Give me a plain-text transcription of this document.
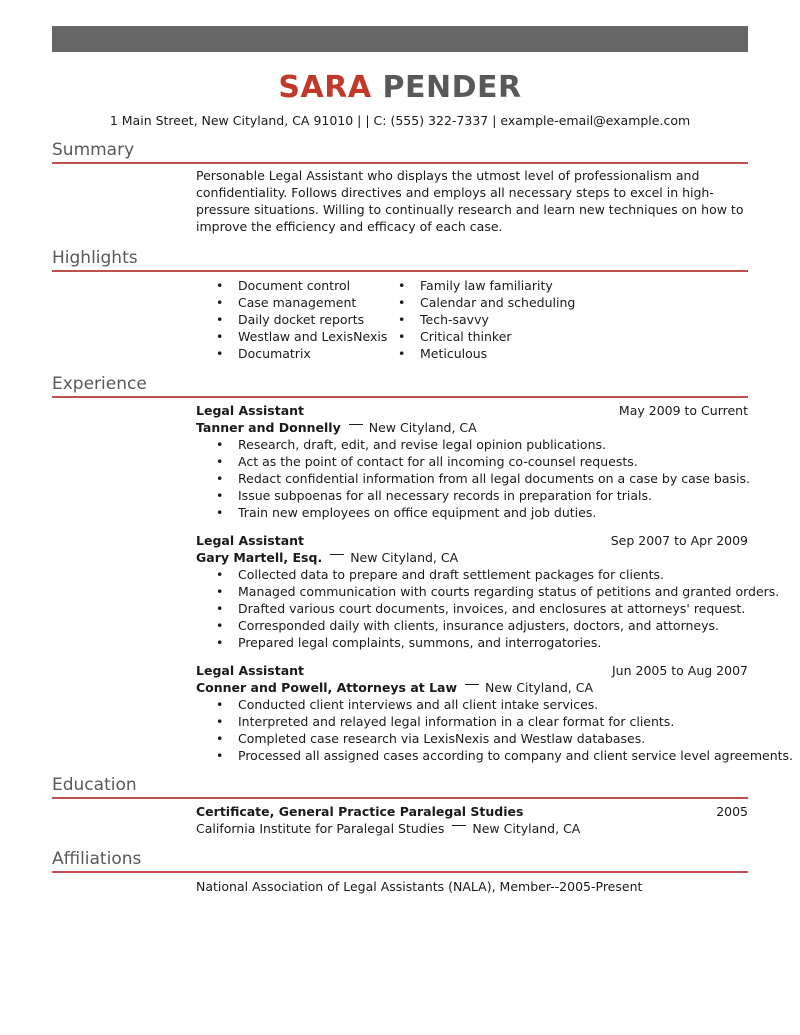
SARA PENDER
1 Main Street, New Cityland, CA 91010 | | C: (555) 322-7337 | example-email@example.com
Summary

Personable Legal Assistant who displays the utmost level of professionalism and confidentiality. Follows directives and employs all necessary steps to excel in high-pressure situations. Willing to continually research and learn new techniques on how to improve the efficiency and efficacy of each case.

Highlights
• Document control
• Case management
• Daily docket reports
• Westlaw and LexisNexis
• Documatrix
• Family law familiarity
• Calendar and scheduling
• Tech-savvy
• Critical thinker
• Meticulous
Experience
Legal Assistant	May 2009 to Current
Tanner and Donnelly New Cityland, CA
• Research, draft, edit, and revise legal opinion publications.
• Act as the point of contact for all incoming co-counsel requests.
• Redact confidential information from all legal documents on a case by case basis.
• Issue subpoenas for all necessary records in preparation for trials.
• Train new employees on office equipment and job duties.
Legal Assistant	Sep 2007 to Apr 2009
Gary Martell, Esq. New Cityland, CA
• Collected data to prepare and draft settlement packages for clients.
• Managed communication with courts regarding status of petitions and granted orders.
• Drafted various court documents, invoices, and enclosures at attorneys' request.
• Corresponded daily with clients, insurance adjusters, doctors, and attorneys.
• Prepared legal complaints, summons, and interrogatories.
Legal Assistant	Jun 2005 to Aug 2007
Conner and Powell, Attorneys at Law New Cityland, CA
• Conducted client interviews and all client intake services.
• Interpreted and relayed legal information in a clear format for clients.
• Completed case research via LexisNexis and Westlaw databases.
• Processed all assigned cases according to company and client service level agreements.
Education
Certificate, General Practice Paralegal Studies	2005
California Institute for Paralegal Studies New Cityland, CA
Affiliations
National Association of Legal Assistants (NALA), Member--2005-Present
